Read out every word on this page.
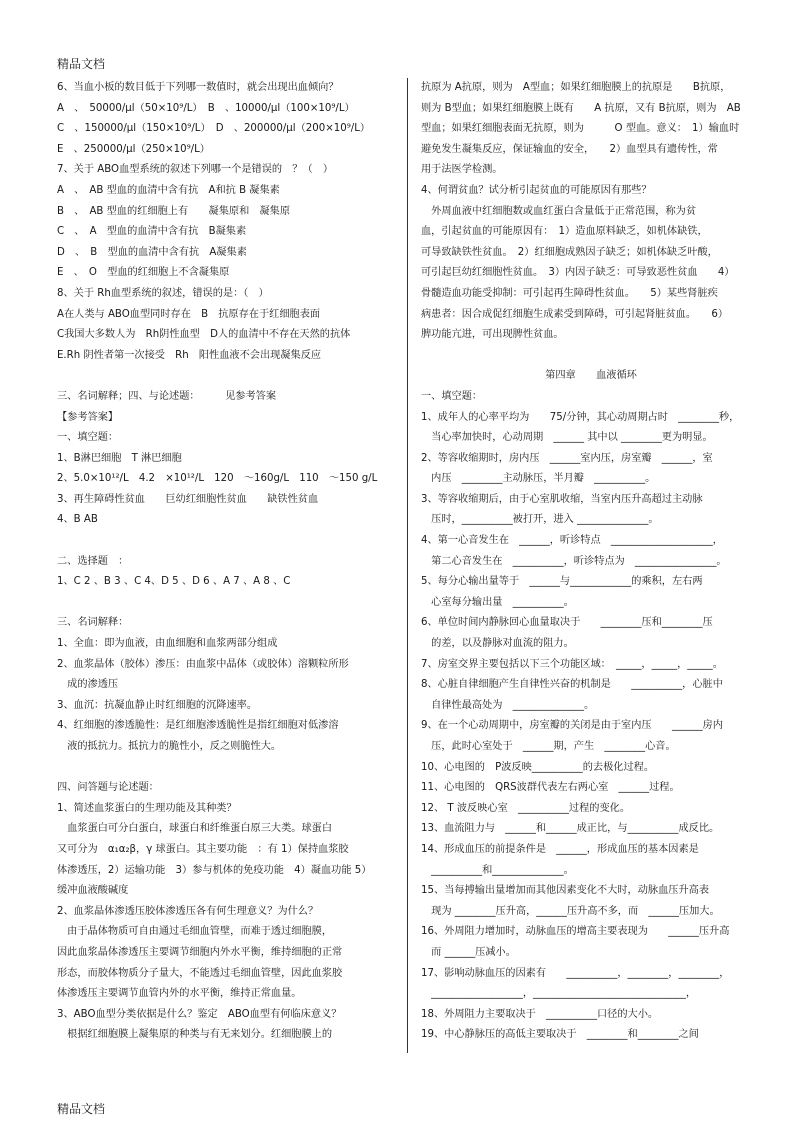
精品文档
6、当血小板的数目低于下列哪一数值时，就会出现出血倾向？
A　、　50000/μl（50×10⁹/L）　B　、10000/μl（100×10⁹/L）
C　、150000/μl（150×10⁹/L）　D　、200000/μl（200×10⁹/L）
E　、250000/μl（250×10⁹/L）
7、关于 ABO血型系统的叙述下列哪一个是错误的　？（　）
A　、　AB 型血的血清中含有抗　A和抗 B 凝集素
B　、　AB 型血的红细胞上有　　凝集原和　凝集原
C　、　A　型血的血清中含有抗　B凝集素
D　、　B　型血的血清中含有抗　A凝集素
E　、　O　型血的红细胞上不含凝集原
8、关于 Rh血型系统的叙述，错误的是：（　）
A在人类与 ABO血型同时存在　B　抗原存在于红细胞表面
C我国大多数人为　Rh阴性血型　D人的血清中不存在天然的抗体
E.Rh 阴性者第一次接受　Rh　阳性血液不会出现凝集反应
三、名词解释；四、与论述题：　　　见参考答案
【参考答案】
一、填空题：
1、B淋巴细胞　T 淋巴细胞
2、5.0×10¹²/L　4.2　×10¹²/L　120　～160g/L　110　～150 g/L
3、再生障碍性贫血　　巨幼红细胞性贫血　　缺铁性贫血
4、B AB
二、选择题　：
1、C 2 、B 3 、C 4、D 5 、D 6 、A 7 、A 8 、C
三、名词解释：
1、全血：即为血液，由血细胞和血浆两部分组成
2、血浆晶体（胶体）渗压：由血浆中晶体（或胶体）溶颗粒所形
　成的渗透压
3、血沉：抗凝血静止时红细胞的沉降速率。
4、红细胞的渗透脆性：是红细胞渗透脆性是指红细胞对低渗溶
　液的抵抗力。抵抗力的脆性小，反之则脆性大。
四、问答题与论述题：
1、简述血浆蛋白的生理功能及其种类？
　血浆蛋白可分白蛋白，球蛋白和纤维蛋白原三大类。球蛋白
又可分为　α₁α₂β，γ 球蛋白。其主要功能　：有 1）保持血浆胶
体渗透压，2）运输功能　3）参与机体的免疫功能　4）凝血功能 5）
缓冲血液酸碱度
2、血浆晶体渗透压胶体渗透压各有何生理意义？为什么？
　由于晶体物质可自由通过毛细血管壁，而难于透过细胞膜，
因此血浆晶体渗透压主要调节细胞内外水平衡，维持细胞的正常
形态，而胶体物质分子量大，不能透过毛细血管壁，因此血浆胶
体渗透压主要调节血管内外的水平衡，维持正常血量。
3、ABO血型分类依据是什么？鉴定　ABO血型有何临床意义？
　根据红细胞膜上凝集原的种类与有无来划分。红细胞膜上的
抗原为 A抗原，则为　A型血；如果红细胞膜上的抗原是　　B抗原，
则为 B型血；如果红细胞膜上既有　　A 抗原，又有 B抗原，则为　AB
型血；如果红细胞表面无抗原，则为　　　O 型血。意义：　1）输血时
避免发生凝集反应，保证输血的安全，　　2）血型具有遗传性，常
用于法医学检测。
4、何谓贫血？试分析引起贫血的可能原因有那些？
　外周血液中红细胞数或血红蛋白含量低于正常范围，称为贫
血，引起贫血的可能原因有：　1）造血原料缺乏，如机体缺铁，
可导致缺铁性贫血。　2）红细胞成熟因子缺乏；如机体缺乏叶酸，
可引起巨幼红细胞性贫血。　3）内因子缺乏：可导致恶性贫血　　4）
骨髓造血功能受抑制：可引起再生障碍性贫血。　　5）某些肾脏疾
病患者：因合成促红细胞生成素受到障碍，可引起肾脏贫血。　　6）
脾功能亢进，可出现脾性贫血。
第四章　　血液循环
一、填空题：
1、成年人的心率平均为　　75/分钟，其心动周期占时　________秒，
　当心率加快时，心动周期　______ 其中以 ________更为明显。
2、等容收缩期时，房内压　______室内压，房室瓣　______，室
　内压　________主动脉压，半月瓣　__________。
3、等容收缩期后，由于心室肌收缩，当室内压升高超过主动脉
　压时，__________被打开，进入 ______________。
4、第一心音发生在　______，听诊特点　____________________，
　第二心音发生在　__________，听诊特点为　________________。
5、每分心输出量等于　______与____________的乘积，左右两
　心室每分输出量　__________。
6、单位时间内静脉回心血量取决于　　________压和________压
　的差，以及静脉对血流的阻力。
7、房室交界主要包括以下三个功能区域：　_____，_____，_____。
8、心脏自律细胞产生自律性兴奋的机制是　　__________，心脏中
　自律性最高处为　______________。
9、在一个心动周期中，房室瓣的关闭是由于室内压　　______房内
　压，此时心室处于　______期，产生　________心音。
10、心电图的　P波反映__________的去极化过程。
11、心电图的　QRS波群代表左右两心室　______过程。
12、 T 波反映心室　__________过程的变化。
13、血流阻力与　______和______成正比，与__________成反比。
14、形成血压的前提条件是　______，形成血压的基本因素是
　__________和______________。
15、当每搏输出量增加而其他因素变化不大时，动脉血压升高表
　现为 ________压升高，______压升高不多，而　______压加大。
16、外周阻力增加时，动脉血压的增高主要表现为　　______压升高
　而 ______压减小。
17、影响动脉血压的因素有　　__________，________，________，
　__________________，______________________________，
18、外周阻力主要取决于　__________口径的大小。
19、中心静脉压的高低主要取决于　________和________之间
精品文档
